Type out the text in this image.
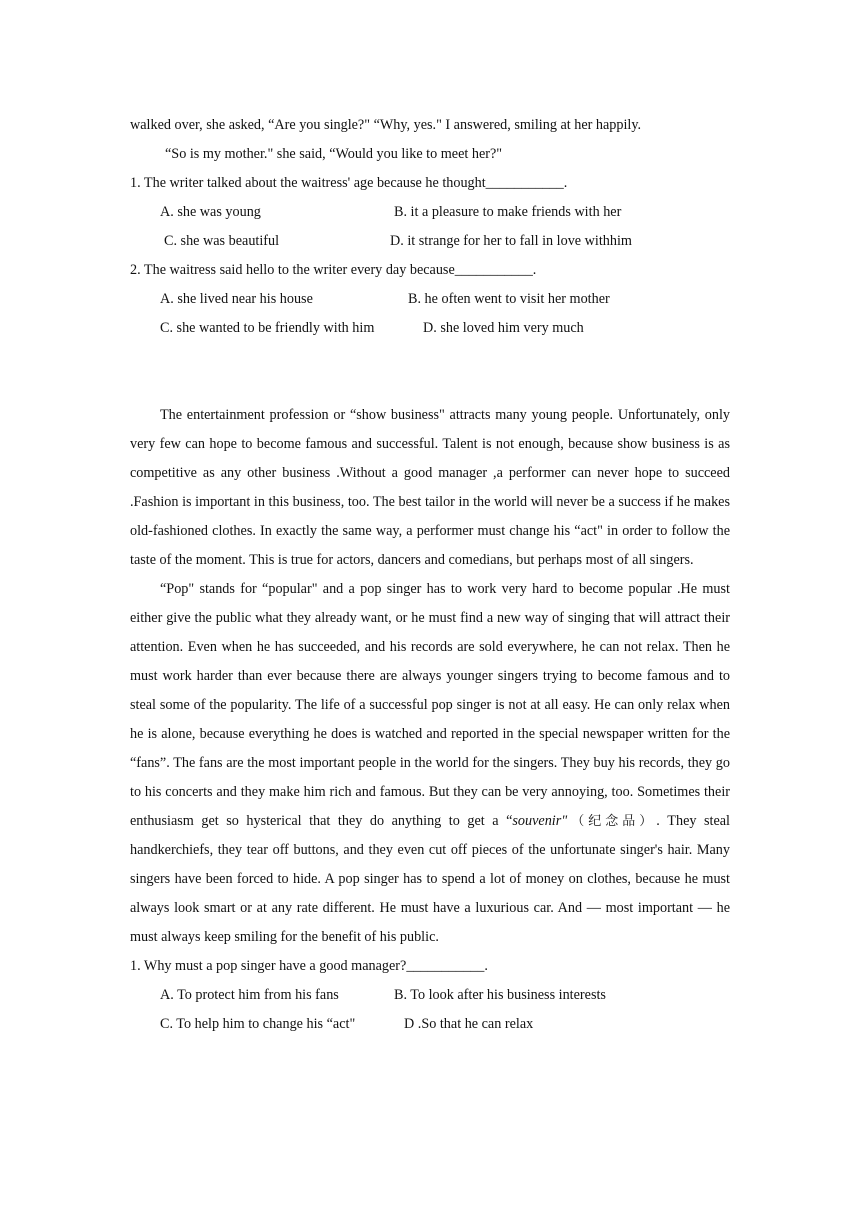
walked over, she asked, “Are you single?" “Why, yes." I answered, smiling at her happily.
“So is my mother." she said, “Would you like to meet her?"
1. The writer talked about the waitress' age because he thought___________.
A. she was young	B. it a pleasure to make friends with her
C. she was beautiful	D. it strange for her to fall in love withhim
2. The waitress said hello to the writer every day because___________.
A. she lived near his house	B. he often went to visit her mother
C. she wanted to be friendly with him	D. she loved him very much

The entertainment profession or “show business" attracts many young people. Unfortunately, only very few can hope to become famous and successful. Talent is not enough, because show business is as competitive as any other business .Without a good manager ,a performer can never hope to succeed .Fashion is important in this business, too. The best tailor in the world will never be a success if he makes old-fashioned clothes. In exactly the same way, a performer must change his “act" in order to follow the taste of the moment. This is true for actors, dancers and comedians, but perhaps most of all singers.

“Pop" stands for “popular" and a pop singer has to work very hard to become popular .He must either give the public what they already want, or he must find a new way of singing that will attract their attention. Even when he has succeeded, and his records are sold everywhere, he can not relax. Then he must work harder than ever because there are always younger singers trying to become famous and to steal some of the popularity. The life of a successful pop singer is not at all easy. He can only relax when he is alone, because everything he does is watched and reported in the special newspaper written for the “fans”. The fans are the most important people in the world for the singers. They buy his records, they go to his concerts and they make him rich and famous. But they can be very annoying, too. Sometimes their enthusiasm get so hysterical that they do anything to get a “souvenir"（纪念品）. They steal handkerchiefs, they tear off buttons, and they even cut off pieces of the unfortunate singer's hair. Many singers have been forced to hide. A pop singer has to spend a lot of money on clothes, because he must always look smart or at any rate different. He must have a luxurious car. And — most important — he must always keep smiling for the benefit of his public.

1. Why must a pop singer have a good manager?___________.
A. To protect him from his fans	B. To look after his business interests
C. To help him to change his “act"	D .So that he can relax
